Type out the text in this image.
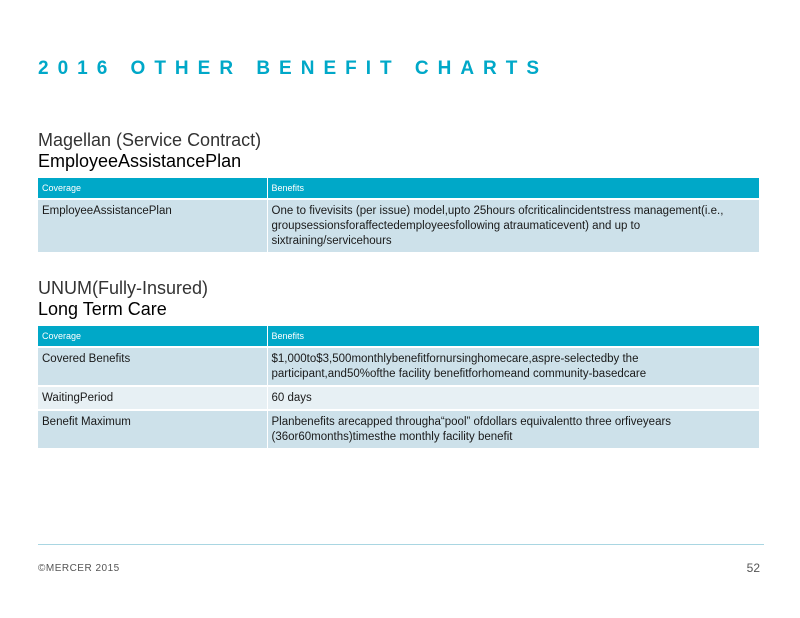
2016 OTHER BENEFIT CHARTS
Magellan (Service Contract)
EmployeeAssistancePlan
Coverage	Benefits
EmployeeAssistancePlan	One to fivevisits (per issue) model,upto 25hours ofcriticalincidentstress management(i.e., groupsessionsforaffectedemployeesfollowing atraumaticevent) and up to sixtraining/servicehours
UNUM(Fully-Insured)
Long Term Care
Coverage	Benefits
Covered Benefits	$1,000to$3,500monthlybenefitfornursinghomecare,aspre-selectedby the participant,and50%ofthe facility benefitforhomeand community-basedcare
WaitingPeriod	60 days
Benefit Maximum	Planbenefits arecapped througha“pool” ofdollars equivalentto three orfiveyears (36or60months)timesthe monthly facility benefit
©MERCER 2015	52
